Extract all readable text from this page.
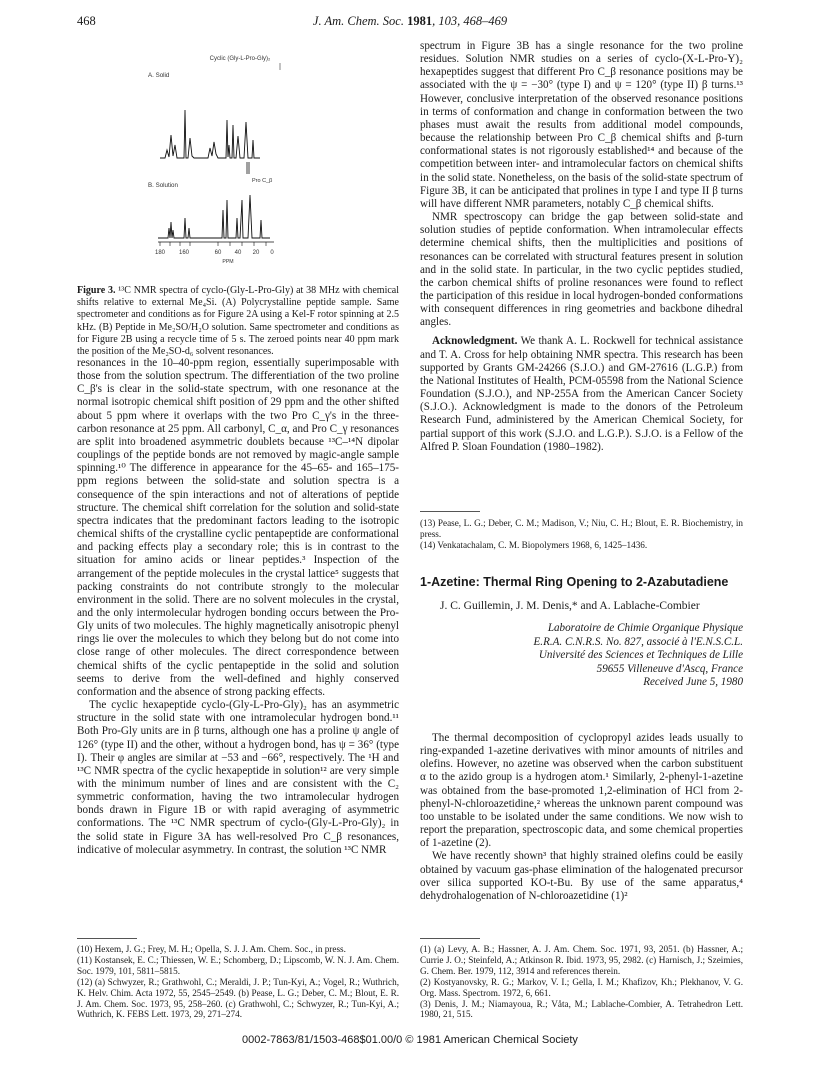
468	J. Am. Chem. Soc. 1981, 103, 468–469
Cyclic (Gly-L-Pro-Gly)₂
A. Solid
Pro C_β
B. Solution
180 160	60 40 20 0
PPM
Figure 3. ¹³C NMR spectra of cyclo-(Gly-L-Pro-Gly) at 38 MHz with chemical shifts relative to external Me₄Si. (A) Polycrystalline peptide sample. Same spectrometer and conditions as for Figure 2A using a Kel-F rotor spinning at 2.5 kHz. (B) Peptide in Me₂SO/H₂O solution. Same spectrometer and conditions as for Figure 2B using a recycle time of 5 s. The zeroed points near 40 ppm mark the position of the Me₂SO-d₆ solvent resonances.

resonances in the 10–40-ppm region, essentially superimposable with those from the solution spectrum. The differentiation of the two proline C_β's is clear in the solid-state spectrum, with one resonance at the normal isotropic chemical shift position of 29 ppm and the other shifted about 5 ppm where it overlaps with the two Pro C_γ's in the three-carbon resonance at 25 ppm. All carbonyl, C_α, and Pro C_γ resonances are split into broadened asymmetric doublets because ¹³C–¹⁴N dipolar couplings of the peptide bonds are not removed by magic-angle sample spinning.¹⁰ The difference in appearance for the 45–65- and 165–175-ppm regions between the solid-state and solution spectra is a consequence of the spin interactions and not of alterations of peptide structure. The chemical shift correlation for the solution and solid-state spectra indicates that the predominant factors leading to the isotropic chemical shifts of the crystalline cyclic pentapeptide are conformational and packing effects play a secondary role; this is in contrast to the situation for amino acids or linear peptides.³ Inspection of the arrangement of the peptide molecules in the crystal lattice⁵ suggests that packing constraints do not contribute strongly to the molecular environment in the solid. There are no solvent molecules in the crystal, and the only intermolecular hydrogen bonding occurs between the Pro-Gly units of two molecules. The highly magnetically anisotropic phenyl rings lie over the molecules to which they belong but do not come into close range of other molecules. The direct correspondence between chemical shifts of the cyclic pentapeptide in the solid and solution seems to derive from the well-defined and highly conserved conformation and the absence of strong packing effects.

The cyclic hexapeptide cyclo-(Gly-L-Pro-Gly)₂ has an asymmetric structure in the solid state with one intramolecular hydrogen bond.¹¹ Both Pro-Gly units are in β turns, although one has a proline ψ angle of 126° (type II) and the other, without a hydrogen bond, has ψ = 36° (type I). Their φ angles are similar at −53 and −66°, respectively. The ¹H and ¹³C NMR spectra of the cyclic hexapeptide in solution¹² are very simple with the minimum number of lines and are consistent with the C₂ symmetric conformation, having the two intramolecular hydrogen bonds drawn in Figure 1B or with rapid averaging of asymmetric conformations. The ¹³C NMR spectrum of cyclo-(Gly-L-Pro-Gly)₂ in the solid state in Figure 3A has well-resolved Pro C_β resonances, indicative of molecular asymmetry. In contrast, the solution ¹³C NMR

(10) Hexem, J. G.; Frey, M. H.; Opella, S. J. J. Am. Chem. Soc., in press.
(11) Kostansek, E. C.; Thiessen, W. E.; Schomberg, D.; Lipscomb, W. N. J. Am. Chem. Soc. 1979, 101, 5811–5815.
(12) (a) Schwyzer, R.; Grathwohl, C.; Meraldi, J. P.; Tun-Kyi, A.; Vogel, R.; Wuthrich, K. Helv. Chim. Acta 1972, 55, 2545–2549. (b) Pease, L. G.; Deber, C. M.; Blout, E. R. J. Am. Chem. Soc. 1973, 95, 258–260. (c) Grathwohl, C.; Schwyzer, R.; Tun-Kyi, A.; Wuthrich, K. FEBS Lett. 1973, 29, 271–274.

spectrum in Figure 3B has a single resonance for the two proline residues. Solution NMR studies on a series of cyclo-(X-L-Pro-Y)₂ hexapeptides suggest that different Pro C_β resonance positions may be associated with the ψ = −30° (type I) and ψ = 120° (type II) β turns.¹³ However, conclusive interpretation of the observed resonance positions in terms of conformation and change in conformation between the two phases must await the results from additional model compounds, because the relationship between Pro C_β chemical shifts and β-turn conformational states is not rigorously established¹⁴ and because of the competition between inter- and intramolecular factors on chemical shifts in the solid state. Nonetheless, on the basis of the solid-state spectrum of Figure 3B, it can be anticipated that prolines in type I and type II β turns will have different NMR parameters, notably C_β chemical shifts.

NMR spectroscopy can bridge the gap between solid-state and solution studies of peptide conformation. When intramolecular effects determine chemical shifts, then the multiplicities and positions of resonances can be correlated with structural features present in solution and in the solid state. In particular, in the two cyclic peptides studied, the carbon chemical shifts of proline resonances were found to reflect the participation of this residue in local hydrogen-bonded conformations with consequent differences in ring geometries and backbone dihedral angles.

Acknowledgment. We thank A. L. Rockwell for technical assistance and T. A. Cross for help obtaining NMR spectra. This research has been supported by Grants GM-24266 (S.J.O.) and GM-27616 (L.G.P.) from the National Institutes of Health, PCM-05598 from the National Science Foundation (S.J.O.), and NP-255A from the American Cancer Society (S.J.O.). Acknowledgment is made to the donors of the Petroleum Research Fund, administered by the American Chemical Society, for partial support of this work (S.J.O. and L.G.P.). S.J.O. is a Fellow of the Alfred P. Sloan Foundation (1980–1982).

(13) Pease, L. G.; Deber, C. M.; Madison, V.; Niu, C. H.; Blout, E. R. Biochemistry, in press.
(14) Venkatachalam, C. M. Biopolymers 1968, 6, 1425–1436.
1-Azetine: Thermal Ring Opening to 2-Azabutadiene
J. C. Guillemin, J. M. Denis,* and A. Lablache-Combier
Laboratoire de Chimie Organique Physique
E.R.A. C.N.R.S. No. 827, associé à l'E.N.S.C.L.
Université des Sciences et Techniques de Lille
59655 Villeneuve d'Ascq, France
Received June 5, 1980

The thermal decomposition of cyclopropyl azides leads usually to ring-expanded 1-azetine derivatives with minor amounts of nitriles and olefins. However, no azetine was observed when the carbon substituent α to the azido group is a hydrogen atom.¹ Similarly, 2-phenyl-1-azetine was obtained from the base-promoted 1,2-elimination of HCl from 2-phenyl-N-chloroazetidine,² whereas the unknown parent compound was too unstable to be isolated under the same conditions. We now wish to report the preparation, spectroscopic data, and some chemical properties of 1-azetine (2).

We have recently shown³ that highly strained olefins could be easily obtained by vacuum gas-phase elimination of the halogenated precursor over silica supported KO-t-Bu. By use of the same apparatus,⁴ dehydrohalogenation of N-chloroazetidine (1)²

(1) (a) Levy, A. B.; Hassner, A. J. Am. Chem. Soc. 1971, 93, 2051. (b) Hassner, A.; Currie J. O.; Steinfeld, A.; Atkinson R. Ibid. 1973, 95, 2982. (c) Harnisch, J.; Szeimies, G. Chem. Ber. 1979, 112, 3914 and references therein.
(2) Kostyanovsky, R. G.; Markov, V. I.; Gella, I. M.; Khafizov, Kh.; Plekhanov, V. G. Org. Mass. Spectrom. 1972, 6, 661.
(3) Denis, J. M.; Niamayoua, R.; Våta, M.; Lablache-Combier, A. Tetrahedron Lett. 1980, 21, 515.
0002-7863/81/1503-468$01.00/0 © 1981 American Chemical Society
